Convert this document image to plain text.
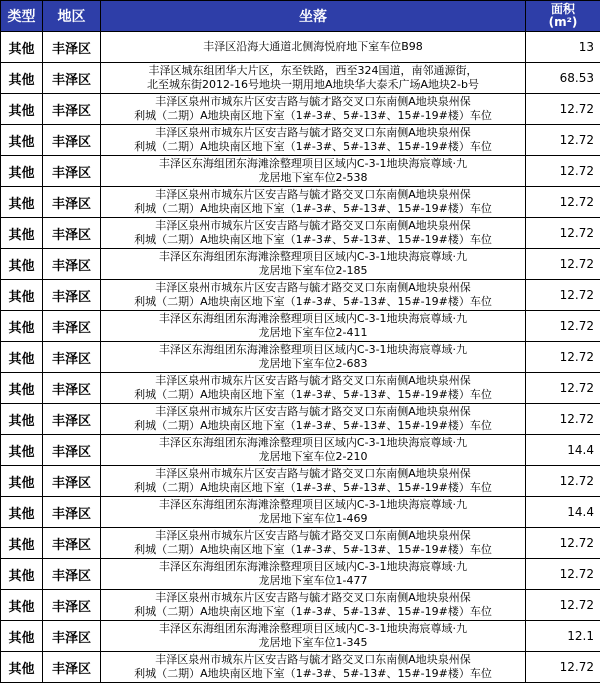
类型	地区	坐落	面积
(m²)

其他	丰泽区	丰泽区沿海大通道北侧海悦府地下室车位B98	13
其他	丰泽区	丰泽区城东组团华大片区，东至铁路，西至324国道，南邻通源街，
北至城东街2012-16号地块一期用地A地块华大泰禾广场A地块2-b号	68.53
其他	丰泽区	丰泽区泉州市城东片区安吉路与毓才路交叉口东南侧A地块泉州保
利城（二期）A地块南区地下室（1#-3#、5#-13#、15#-19#楼）车位	12.72
其他	丰泽区	丰泽区泉州市城东片区安吉路与毓才路交叉口东南侧A地块泉州保
利城（二期）A地块南区地下室（1#-3#、5#-13#、15#-19#楼）车位	12.72
其他	丰泽区	丰泽区东海组团东海滩涂整理项目区域内C-3-1地块海宸尊域·九
龙居地下室车位2-538	12.72
其他	丰泽区	丰泽区泉州市城东片区安吉路与毓才路交叉口东南侧A地块泉州保
利城（二期）A地块南区地下室（1#-3#、5#-13#、15#-19#楼）车位	12.72
其他	丰泽区	丰泽区泉州市城东片区安吉路与毓才路交叉口东南侧A地块泉州保
利城（二期）A地块南区地下室（1#-3#、5#-13#、15#-19#楼）车位	12.72
其他	丰泽区	丰泽区东海组团东海滩涂整理项目区域内C-3-1地块海宸尊域·九
龙居地下室车位2-185	12.72
其他	丰泽区	丰泽区泉州市城东片区安吉路与毓才路交叉口东南侧A地块泉州保
利城（二期）A地块南区地下室（1#-3#、5#-13#、15#-19#楼）车位	12.72
其他	丰泽区	丰泽区东海组团东海滩涂整理项目区域内C-3-1地块海宸尊域·九
龙居地下室车位2-411	12.72
其他	丰泽区	丰泽区东海组团东海滩涂整理项目区域内C-3-1地块海宸尊域·九
龙居地下室车位2-683	12.72
其他	丰泽区	丰泽区泉州市城东片区安吉路与毓才路交叉口东南侧A地块泉州保
利城（二期）A地块南区地下室（1#-3#、5#-13#、15#-19#楼）车位	12.72
其他	丰泽区	丰泽区泉州市城东片区安吉路与毓才路交叉口东南侧A地块泉州保
利城（二期）A地块南区地下室（1#-3#、5#-13#、15#-19#楼）车位	12.72
其他	丰泽区	丰泽区东海组团东海滩涂整理项目区域内C-3-1地块海宸尊域·九
龙居地下室车位2-210	14.4
其他	丰泽区	丰泽区泉州市城东片区安吉路与毓才路交叉口东南侧A地块泉州保
利城（二期）A地块南区地下室（1#-3#、5#-13#、15#-19#楼）车位	12.72
其他	丰泽区	丰泽区东海组团东海滩涂整理项目区域内C-3-1地块海宸尊域·九
龙居地下室车位1-469	14.4
其他	丰泽区	丰泽区泉州市城东片区安吉路与毓才路交叉口东南侧A地块泉州保
利城（二期）A地块南区地下室（1#-3#、5#-13#、15#-19#楼）车位	12.72
其他	丰泽区	丰泽区东海组团东海滩涂整理项目区域内C-3-1地块海宸尊域·九
龙居地下室车位1-477	12.72
其他	丰泽区	丰泽区泉州市城东片区安吉路与毓才路交叉口东南侧A地块泉州保
利城（二期）A地块南区地下室（1#-3#、5#-13#、15#-19#楼）车位	12.72
其他	丰泽区	丰泽区东海组团东海滩涂整理项目区域内C-3-1地块海宸尊域·九
龙居地下室车位1-345	12.1
其他	丰泽区	丰泽区泉州市城东片区安吉路与毓才路交叉口东南侧A地块泉州保
利城（二期）A地块南区地下室（1#-3#、5#-13#、15#-19#楼）车位	12.72
